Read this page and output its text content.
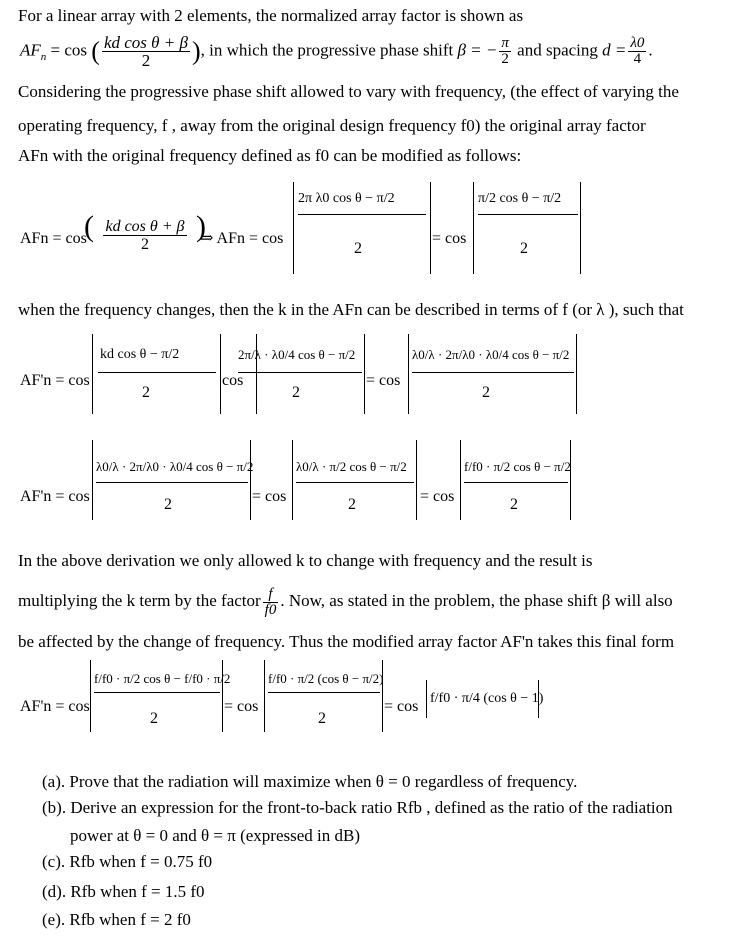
For a linear array with 2 elements, the normalized array factor is shown as
$AF_n = \cos$ ( $\frac{\text{kd cos θ + β}}{2}$ ), in which the progressive phase shift β = − $\frac{\pi}{2}$ and spacing $d = \frac{\lambda 0}{4}$ .
Considering the progressive phase shift allowed to vary with frequency, (the effect of varying the
operating frequency, f , away from the original design frequency f0) the original array factor
AFn with the original frequency defined as f0 can be modified as follows:
AFn = cos
( $\frac{\text{kd cos θ + β}}{2}$ )
⇒ AFn = cos
2π λ0 cos θ − π/2
2
= cos
π/2 cos θ − π/2
2
when the frequency changes, then the k in the AFn can be described in terms of f (or λ ), such that
AF'n = cos
kd cos θ − π/2
2
cos
2π/λ · λ0/4 cos θ − π/2
2
= cos
λ0/λ · 2π/λ0 · λ0/4 cos θ − π/2
2
AF'n = cos
λ0/λ · 2π/λ0 · λ0/4 cos θ − π/2
2	= cos
λ0/λ · π/2 cos θ − π/2
2	= cos
f/f0 · π/2 cos θ − π/2
2
In the above derivation we only allowed k to change with frequency and the result is
multiplying the k term by the factor $\frac{f}{f0}$ . Now, as stated in the problem, the phase shift β will also
be affected by the change of frequency. Thus the modified array factor AF'n takes this final form
AF'n = cos
f/f0 · π/2 cos θ − f/f0 · π/2
2
= cos
f/f0 · π/2 (cos θ − π/2)
2
= cos f/f0 · π/4 (cos θ − 1)
(a). Prove that the radiation will maximize when θ = 0 regardless of frequency.
(b). Derive an expression for the front-to-back ratio Rfb , defined as the ratio of the radiation
power at θ = 0 and θ = π (expressed in dB)
(c). Rfb when f = 0.75 f0
(d). Rfb when f = 1.5 f0
(e). Rfb when f = 2 f0
